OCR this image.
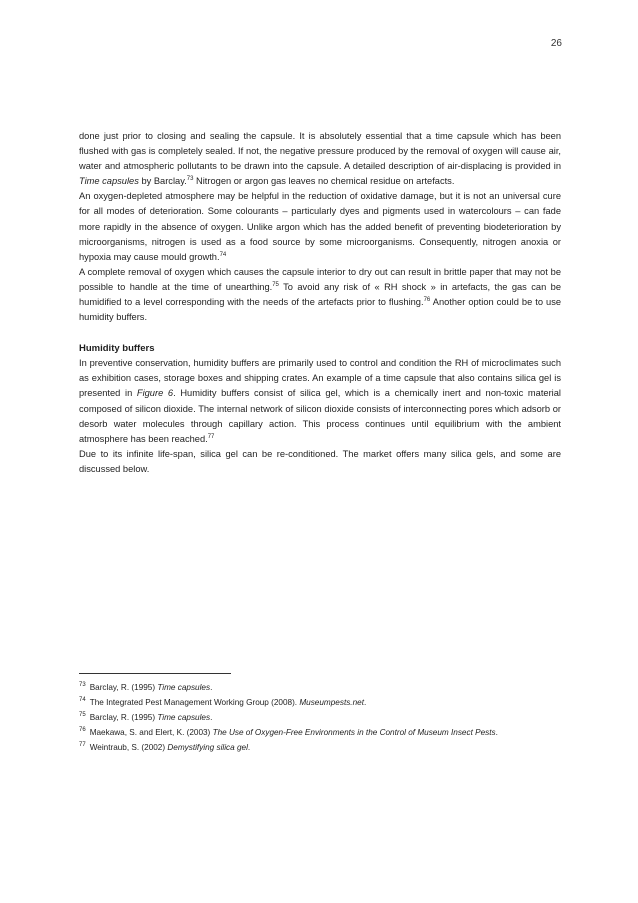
26

done just prior to closing and sealing the capsule. It is absolutely essential that a time capsule which has been flushed with gas is completely sealed. If not, the negative pressure produced by the removal of oxygen will cause air, water and atmospheric pollutants to be drawn into the capsule. A detailed description of air-displacing is provided in Time capsules by Barclay.$^{73}$ Nitrogen or argon gas leaves no chemical residue on artefacts.

An oxygen-depleted atmosphere may be helpful in the reduction of oxidative damage, but it is not an universal cure for all modes of deterioration. Some colourants – particularly dyes and pigments used in watercolours – can fade more rapidly in the absence of oxygen. Unlike argon which has the added benefit of preventing biodeterioration by microorganisms, nitrogen is used as a food source by some microorganisms. Consequently, nitrogen anoxia or hypoxia may cause mould growth.$^{74}$

A complete removal of oxygen which causes the capsule interior to dry out can result in brittle paper that may not be possible to handle at the time of unearthing.$^{75}$ To avoid any risk of « RH shock » in artefacts, the gas can be humidified to a level corresponding with the needs of the artefacts prior to flushing.$^{76}$ Another option could be to use humidity buffers.

Humidity buffers

In preventive conservation, humidity buffers are primarily used to control and condition the RH of microclimates such as exhibition cases, storage boxes and shipping crates. An example of a time capsule that also contains silica gel is presented in Figure 6. Humidity buffers consist of silica gel, which is a chemically inert and non-toxic material composed of silicon dioxide. The internal network of silicon dioxide consists of interconnecting pores which adsorb or desorb water molecules through capillary action. This process continues until equilibrium with the ambient atmosphere has been reached.$^{77}$

Due to its infinite life-span, silica gel can be re-conditioned. The market offers many silica gels, and some are discussed below.

$^{73}$ Barclay, R. (1995) Time capsules.
$^{74}$ The Integrated Pest Management Working Group (2008). Museumpests.net.
$^{75}$ Barclay, R. (1995) Time capsules.
$^{76}$ Maekawa, S. and Elert, K. (2003) The Use of Oxygen-Free Environments in the Control of Museum Insect Pests.
$^{77}$ Weintraub, S. (2002) Demystifying silica gel.
